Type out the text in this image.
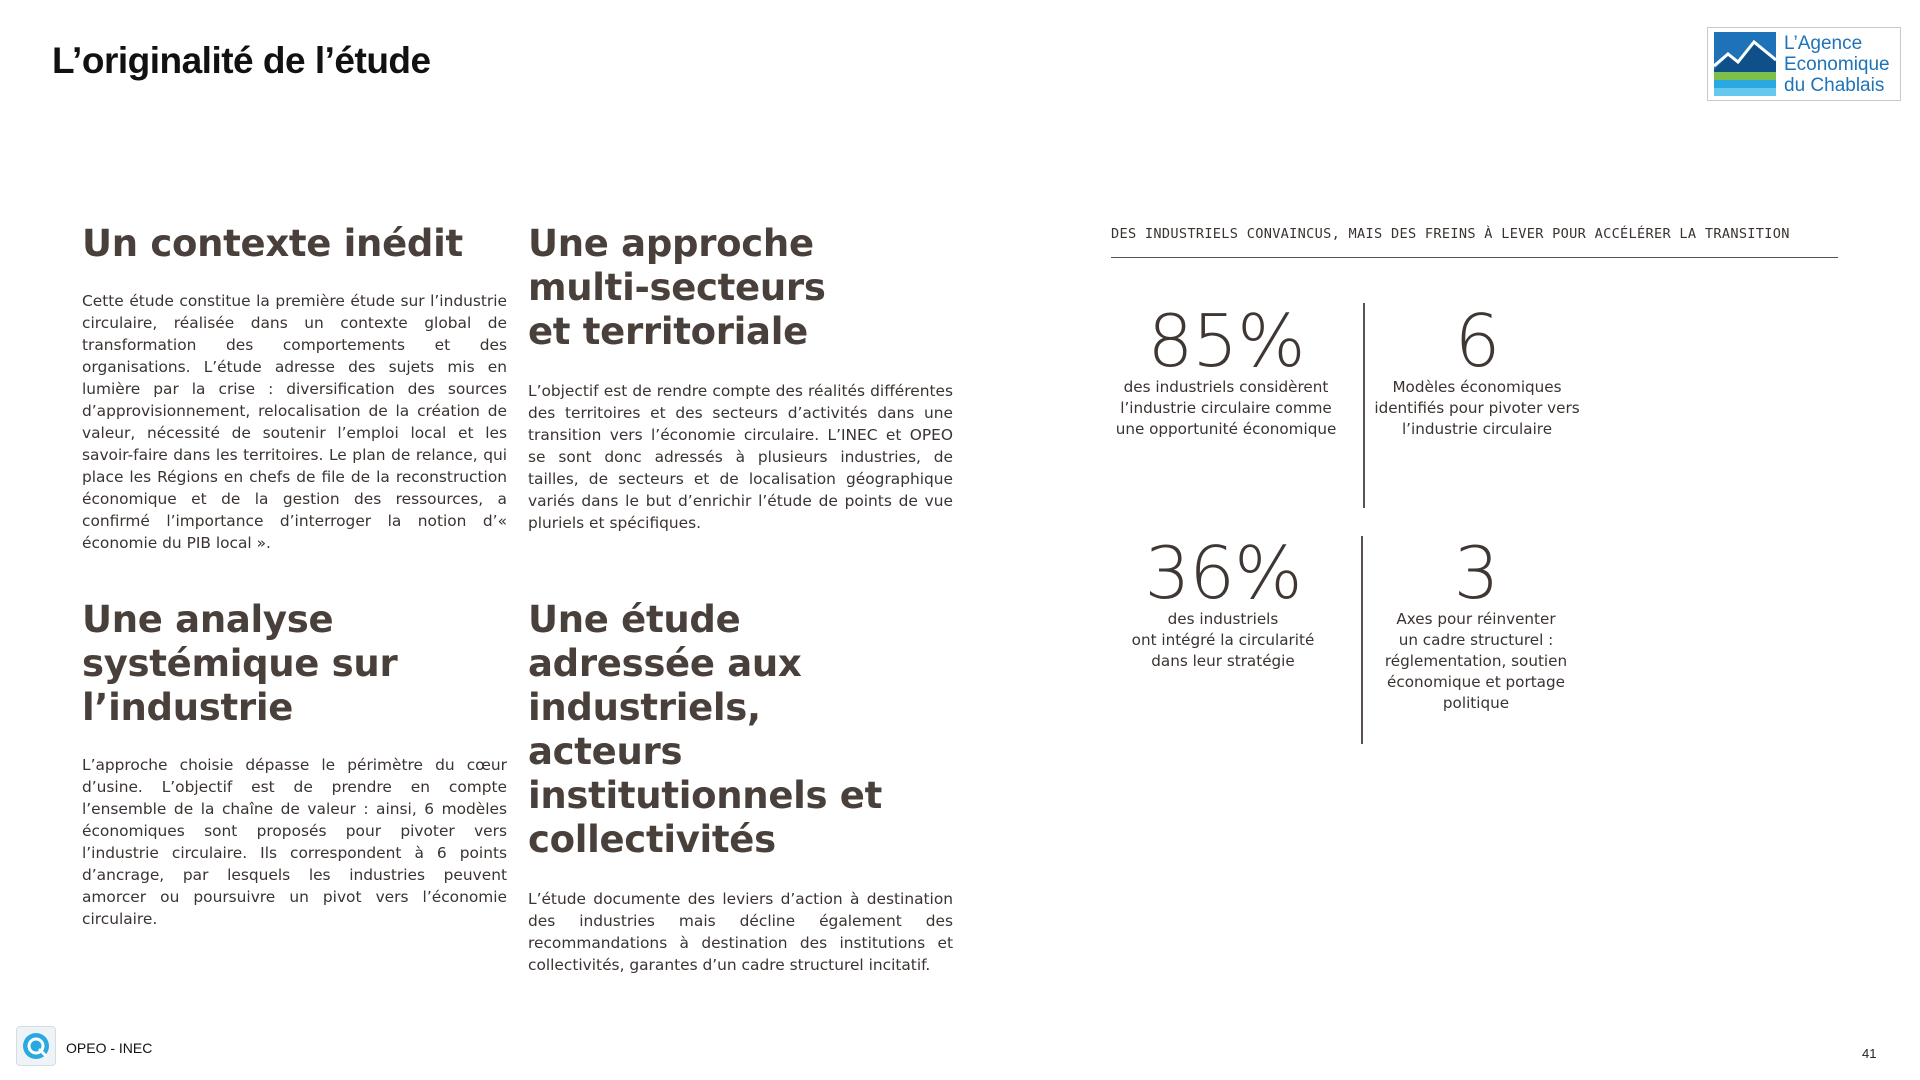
L’originalité de l’étude	L’Agence
Economique
du Chablais
Un contexte inédit

Cette étude constitue la première étude sur l’industrie circulaire, réalisée dans un contexte global de transformation des comportements et des organisations. L’étude adresse des sujets mis en lumière par la crise : diversification des sources d’approvisionnement, relocalisation de la création de valeur, nécessité de soutenir l’emploi local et les savoir-faire dans les territoires. Le plan de relance, qui place les Régions en chefs de file de la reconstruction économique et de la gestion des ressources, a confirmé l’importance d’interroger la notion d’« économie du PIB local ».

Une approche multi-secteurs et territoriale

L’objectif est de rendre compte des réalités différentes des territoires et des secteurs d’activités dans une transition vers l’économie circulaire. L’INEC et OPEO se sont donc adressés à plusieurs industries, de tailles, de secteurs et de localisation géographique variés dans le but d’enrichir l’étude de points de vue pluriels et spécifiques.

Une analyse systémique sur l’industrie

L’approche choisie dépasse le périmètre du cœur d’usine. L’objectif est de prendre en compte l’ensemble de la chaîne de valeur : ainsi, 6 modèles économiques sont proposés pour pivoter vers l’industrie circulaire. Ils correspondent à 6 points d’ancrage, par lesquels les industries peuvent amorcer ou poursuivre un pivot vers l’économie circulaire.

Une étude adressée aux industriels, acteurs institutionnels et collectivités

L’étude documente des leviers d’action à destination des industries mais décline également des recommandations à destination des institutions et collectivités, garantes d’un cadre structurel incitatif.

DES INDUSTRIELS CONVAINCUS, MAIS DES FREINS À LEVER POUR ACCÉLÉRER LA TRANSITION
85%
des industriels considèrent
l’industrie circulaire comme
une opportunité économique
6
Modèles économiques
identifiés pour pivoter vers
l’industrie circulaire
36%
des industriels
ont intégré la circularité
dans leur stratégie
3
Axes pour réinventer
un cadre structurel :
réglementation, soutien
économique et portage
politique
OPEO - INEC	41
